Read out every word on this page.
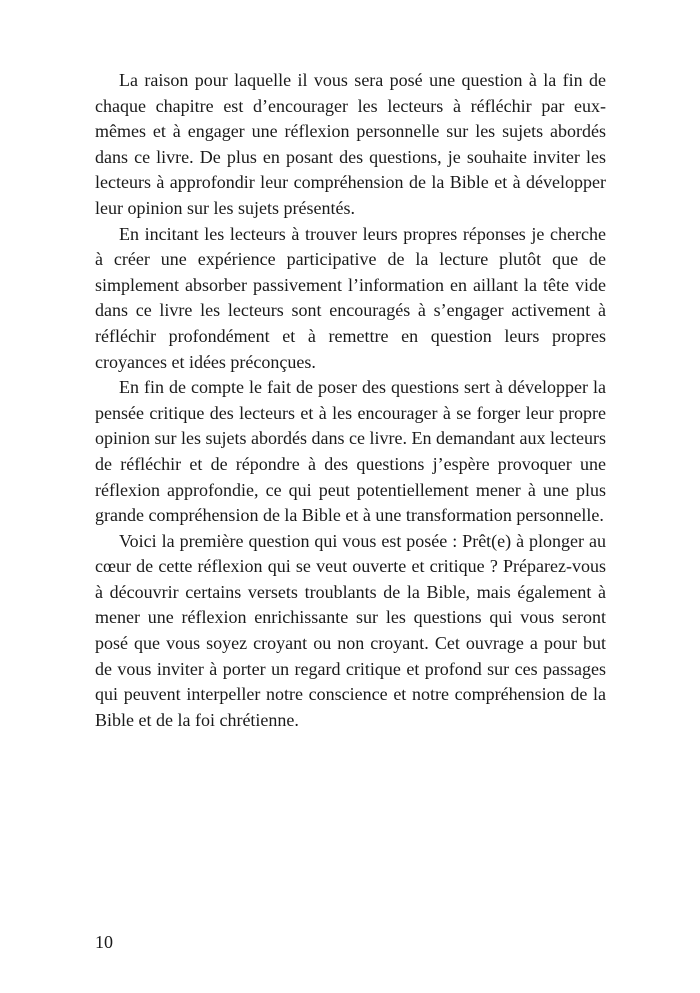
La raison pour laquelle il vous sera posé une question à la fin de chaque chapitre est d’encourager les lecteurs à réfléchir par eux-mêmes et à engager une réflexion personnelle sur les sujets abordés dans ce livre. De plus en posant des questions, je souhaite inviter les lecteurs à approfondir leur compréhension de la Bible et à développer leur opinion sur les sujets présentés.

En incitant les lecteurs à trouver leurs propres réponses je cherche à créer une expérience participative de la lecture plutôt que de simplement absorber passivement l’information en aillant la tête vide dans ce livre les lecteurs sont encouragés à s’engager activement à réfléchir profondément et à remettre en question leurs propres croyances et idées préconçues.

En fin de compte le fait de poser des questions sert à développer la pensée critique des lecteurs et à les encourager à se forger leur propre opinion sur les sujets abordés dans ce livre. En demandant aux lecteurs de réfléchir et de répondre à des questions j’espère provoquer une réflexion approfondie, ce qui peut potentiellement mener à une plus grande compréhension de la Bible et à une transformation personnelle.

Voici la première question qui vous est posée : Prêt(e) à plonger au cœur de cette réflexion qui se veut ouverte et critique ? Préparez-vous à découvrir certains versets troublants de la Bible, mais également à mener une réflexion enrichissante sur les questions qui vous seront posé que vous soyez croyant ou non croyant. Cet ouvrage a pour but de vous inviter à porter un regard critique et profond sur ces passages qui peuvent interpeller notre conscience et notre compréhension de la Bible et de la foi chrétienne.

10
